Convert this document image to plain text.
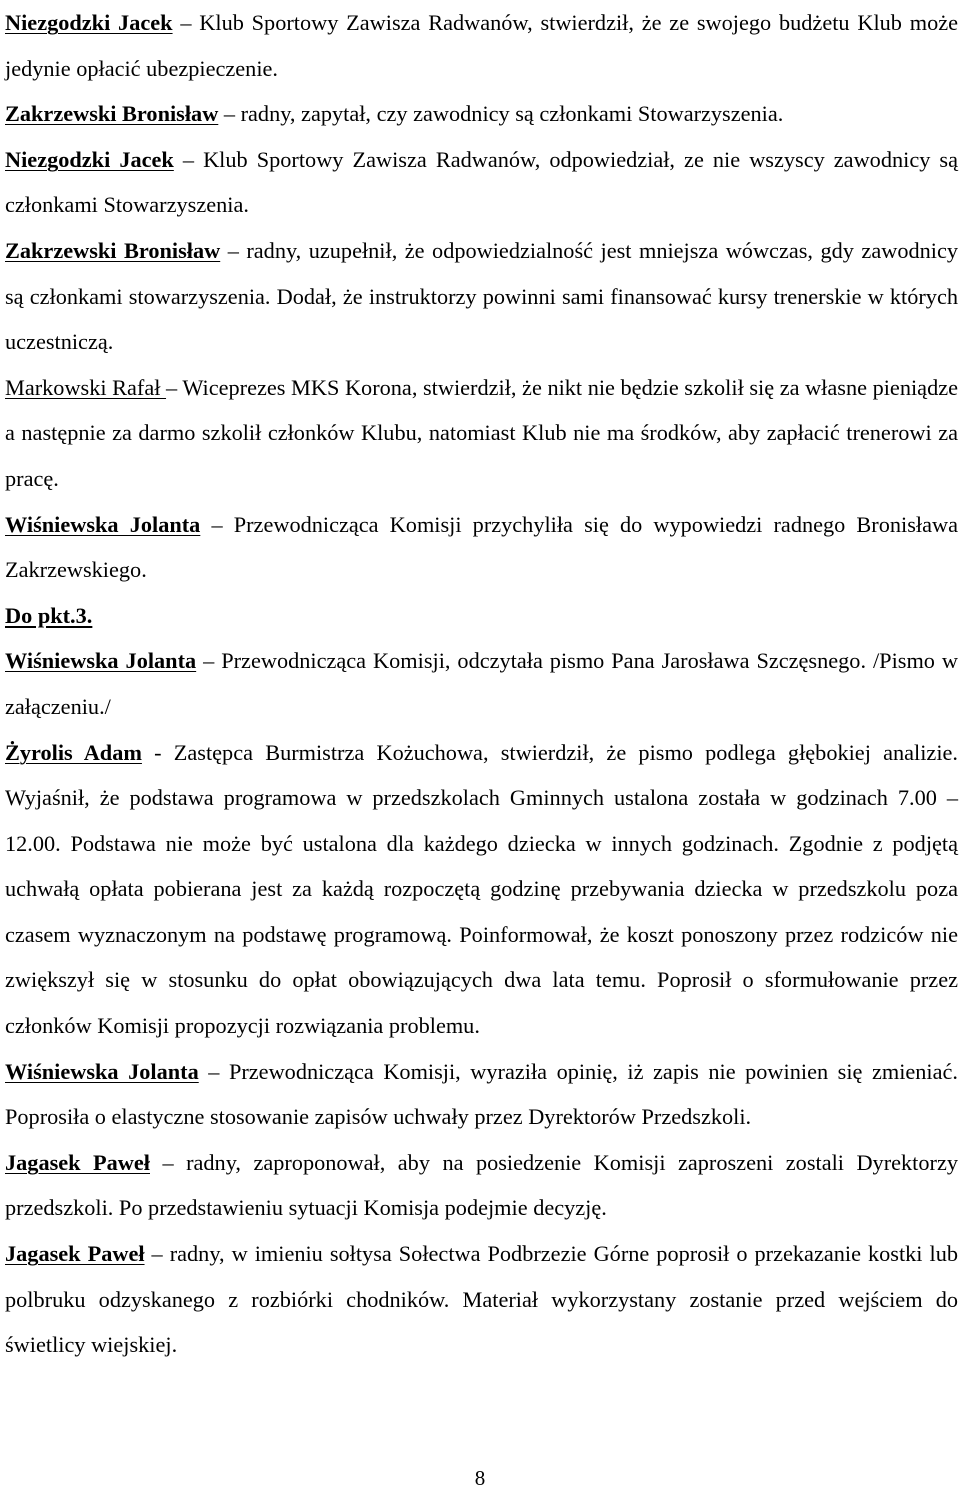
Niezgodzki Jacek – Klub Sportowy Zawisza Radwanów, stwierdził, że ze swojego budżetu Klub może jedynie opłacić ubezpieczenie.

Zakrzewski Bronisław – radny, zapytał, czy zawodnicy są członkami Stowarzyszenia.

Niezgodzki Jacek – Klub Sportowy Zawisza Radwanów, odpowiedział, ze nie wszyscy zawodnicy są członkami Stowarzyszenia.

Zakrzewski Bronisław – radny, uzupełnił, że odpowiedzialność jest mniejsza wówczas, gdy zawodnicy są członkami stowarzyszenia. Dodał, że instruktorzy powinni sami finansować kursy trenerskie w których uczestniczą.

Markowski Rafał – Wiceprezes MKS Korona, stwierdził, że nikt nie będzie szkolił się za własne pieniądze a następnie za darmo szkolił członków Klubu, natomiast Klub nie ma środków, aby zapłacić trenerowi za pracę.

Wiśniewska Jolanta – Przewodnicząca Komisji przychyliła się do wypowiedzi radnego Bronisława Zakrzewskiego.

Do pkt.3.

Wiśniewska Jolanta – Przewodnicząca Komisji, odczytała pismo Pana Jarosława Szczęsnego. /Pismo w załączeniu./

Żyrolis Adam - Zastępca Burmistrza Kożuchowa, stwierdził, że pismo podlega głębokiej analizie. Wyjaśnił, że podstawa programowa w przedszkolach Gminnych ustalona została w godzinach 7.00 – 12.00. Podstawa nie może być ustalona dla każdego dziecka w innych godzinach. Zgodnie z podjętą uchwałą opłata pobierana jest za każdą rozpoczętą godzinę przebywania dziecka w przedszkolu poza czasem wyznaczonym na podstawę programową. Poinformował, że koszt ponoszony przez rodziców nie zwiększył się w stosunku do opłat obowiązujących dwa lata temu. Poprosił o sformułowanie przez członków Komisji propozycji rozwiązania problemu.

Wiśniewska Jolanta – Przewodnicząca Komisji, wyraziła opinię, iż zapis nie powinien się zmieniać. Poprosiła o elastyczne stosowanie zapisów uchwały przez Dyrektorów Przedszkoli.

Jagasek Paweł – radny, zaproponował, aby na posiedzenie Komisji zaproszeni zostali Dyrektorzy przedszkoli. Po przedstawieniu sytuacji Komisja podejmie decyzję.

Jagasek Paweł – radny, w imieniu sołtysa Sołectwa Podbrzezie Górne poprosił o przekazanie kostki lub polbruku odzyskanego z rozbiórki chodników. Materiał wykorzystany zostanie przed wejściem do świetlicy wiejskiej.

8
